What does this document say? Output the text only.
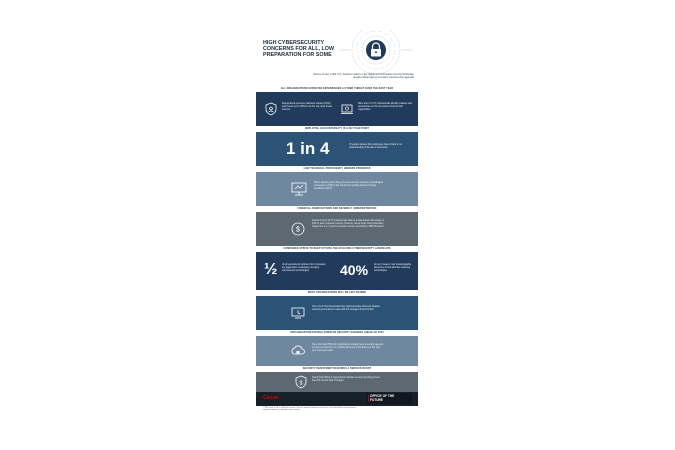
HIGH CYBERSECURITY CONCERNS FOR ALL, LOW PREPARATION FOR SOME
Survey of over 1,000 U.S. decision makers in the digital and information security landscape reveals critical gaps in company cybersecurity agendas
ALL ORGANIZATIONS SURVEYED EXPERIENCED A CYBER THREAT OVER THE PAST YEAR
Respondents perceive malicious insiders (30%) and human error (25%) to be the top cyber threat sources
More than ½ of IT professionals identify malware and ransomware as the top priority threat to their organization
EMPLOYEE ACCOUNTABILITY IS A KEY PAIN POINT
1 in 4	IT leaders believe that employees have limited or no understanding of threats or prevention
LOW TECHNICAL PROFICIENCY HINDERS PROGRESS
When adopting and rolling out cybersecurity solutions, technological competency (23%) is the top barrier, leading ahead of budget constraints (20%)
FINANCIAL RAMIFICATIONS ARE SEVERELY UNDERESTIMATED
$
Almost 6 out of 10 IT professionals believe a data breach will equate to 10% or less of annual revenue; however, actual costs could potentially range from 1 to 7 years of annual revenue, according to IBM Research
COMPANIES STRIVE TO KEEP UP WITH THE EVOLVING CYBERSECURITY LANDSCAPE
½ of all respondents indicate their companies are aggressive in adopting emerging cybersecurity technologies	40%	do not, however, feel knowledgeable about key AI and Machine Learning technologies
MOST ORGANIZATIONS WILL BE LEFT BEHIND
Only 1/4 of IT professionals have deployed state-of-the-art disaster recovery procedures to deal with the emergent threat horizon
ORGANIZATIONS DOUBLE DOWN ON SECURITY AGENDAS AHEAD OF 2020
More than half (56%) of organizations already have a security agenda in place and almost 1 in 4 (24%) will invest in security over the next year moving forward
SECURITY INVESTMENT REQUIRES A SERIOUS BOOST
$
Nearly half (48%) of respondents indicate security spending is less than 5% of their total IT budget
Canon	OFFICE OF THE
FUTURE
© 2019 Canon U.S.A., Inc. All rights reserved. Canon is a registered trademark of Canon Inc. in the United States and may also be a registered trademark or trademark in other countries.
